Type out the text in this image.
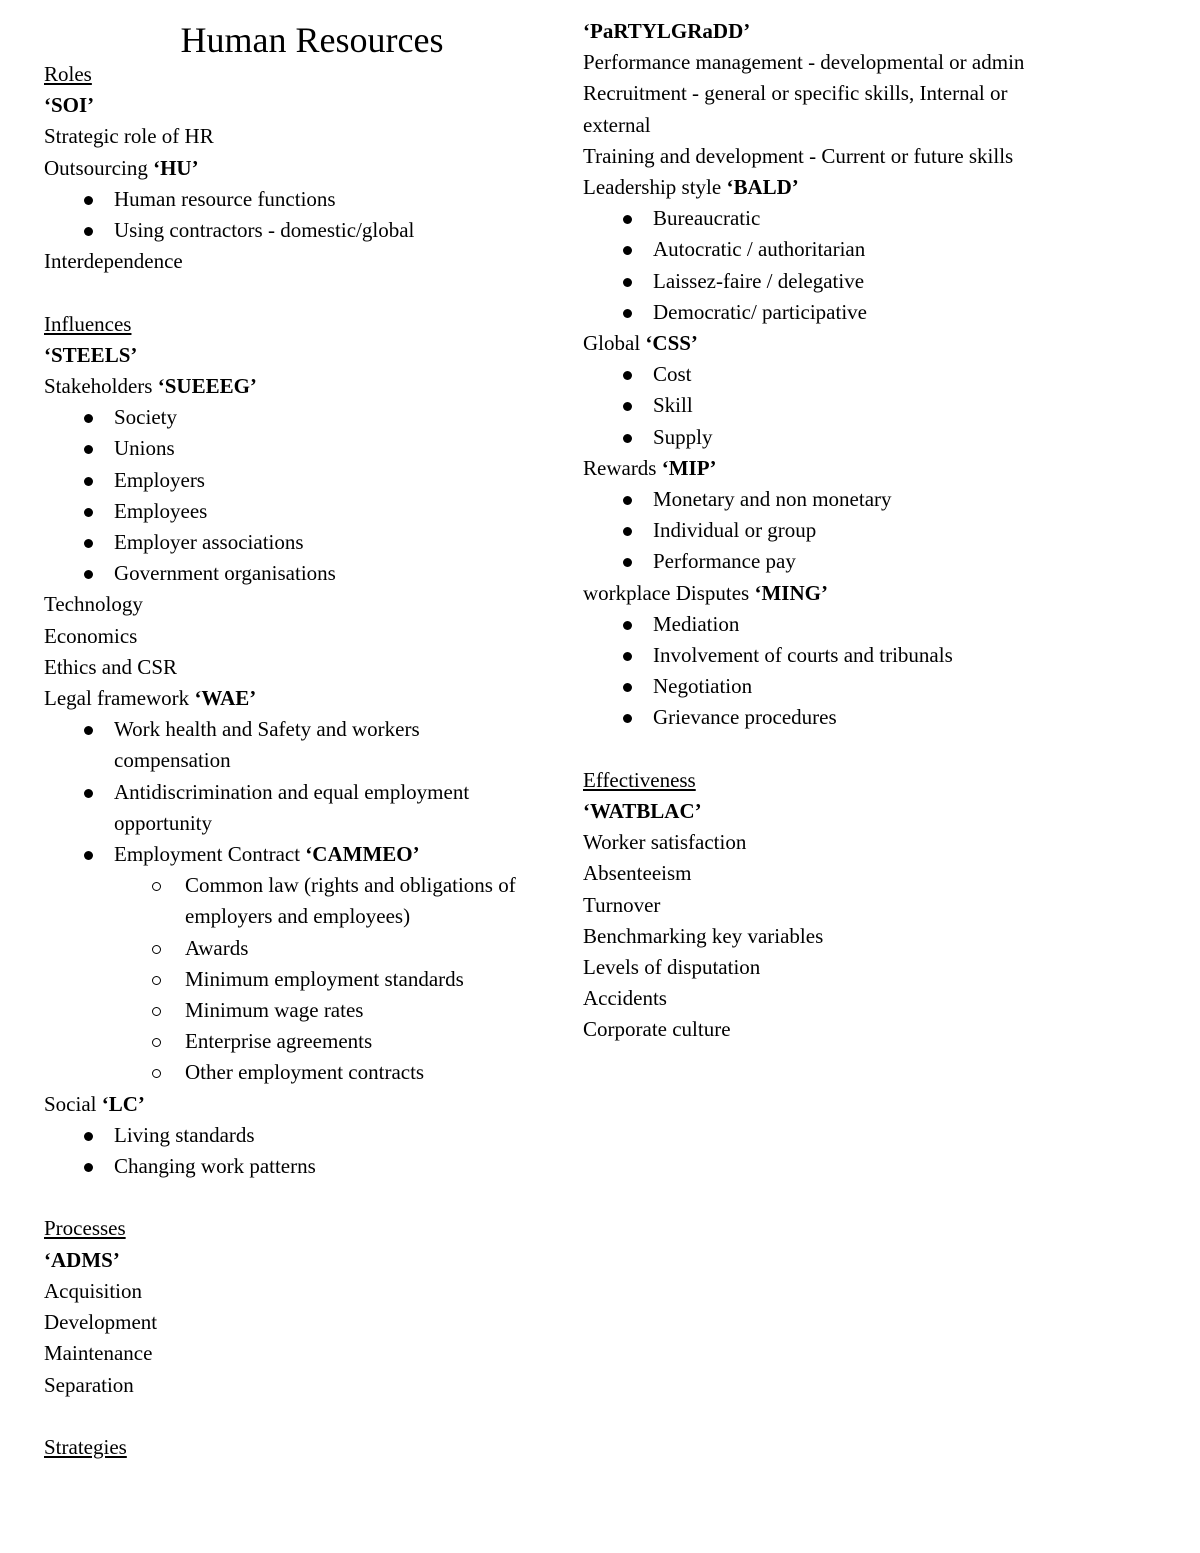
Human Resources
Roles
‘SOI’
Strategic role of HR
Outsourcing ‘HU’
Human resource functions
Using contractors - domestic/global
Interdependence
Influences
‘STEELS’
Stakeholders ‘SUEEEG’
Society
Unions
Employers
Employees
Employer associations
Government organisations
Technology
Economics
Ethics and CSR
Legal framework ‘WAE’
Work health and Safety and workers compensation
Antidiscrimination and equal employment opportunity
Employment Contract ‘CAMMEO’
Common law (rights and obligations of employers and employees)
Awards
Minimum employment standards
Minimum wage rates
Enterprise agreements
Other employment contracts
Social ‘LC’
Living standards
Changing work patterns
Processes
‘ADMS’
Acquisition
Development
Maintenance
Separation
Strategies
‘PaRTYLGRaDD’
Performance management - developmental or admin
Recruitment - general or specific skills, Internal or external
Training and development - Current or future skills
Leadership style ‘BALD’
Bureaucratic
Autocratic / authoritarian
Laissez-faire / delegative
Democratic/ participative
Global ‘CSS’
Cost
Skill
Supply
Rewards ‘MIP’
Monetary and non monetary
Individual or group
Performance pay
workplace Disputes ‘MING’
Mediation
Involvement of courts and tribunals
Negotiation
Grievance procedures
Effectiveness
‘WATBLAC’
Worker satisfaction
Absenteeism
Turnover
Benchmarking key variables
Levels of disputation
Accidents
Corporate culture
